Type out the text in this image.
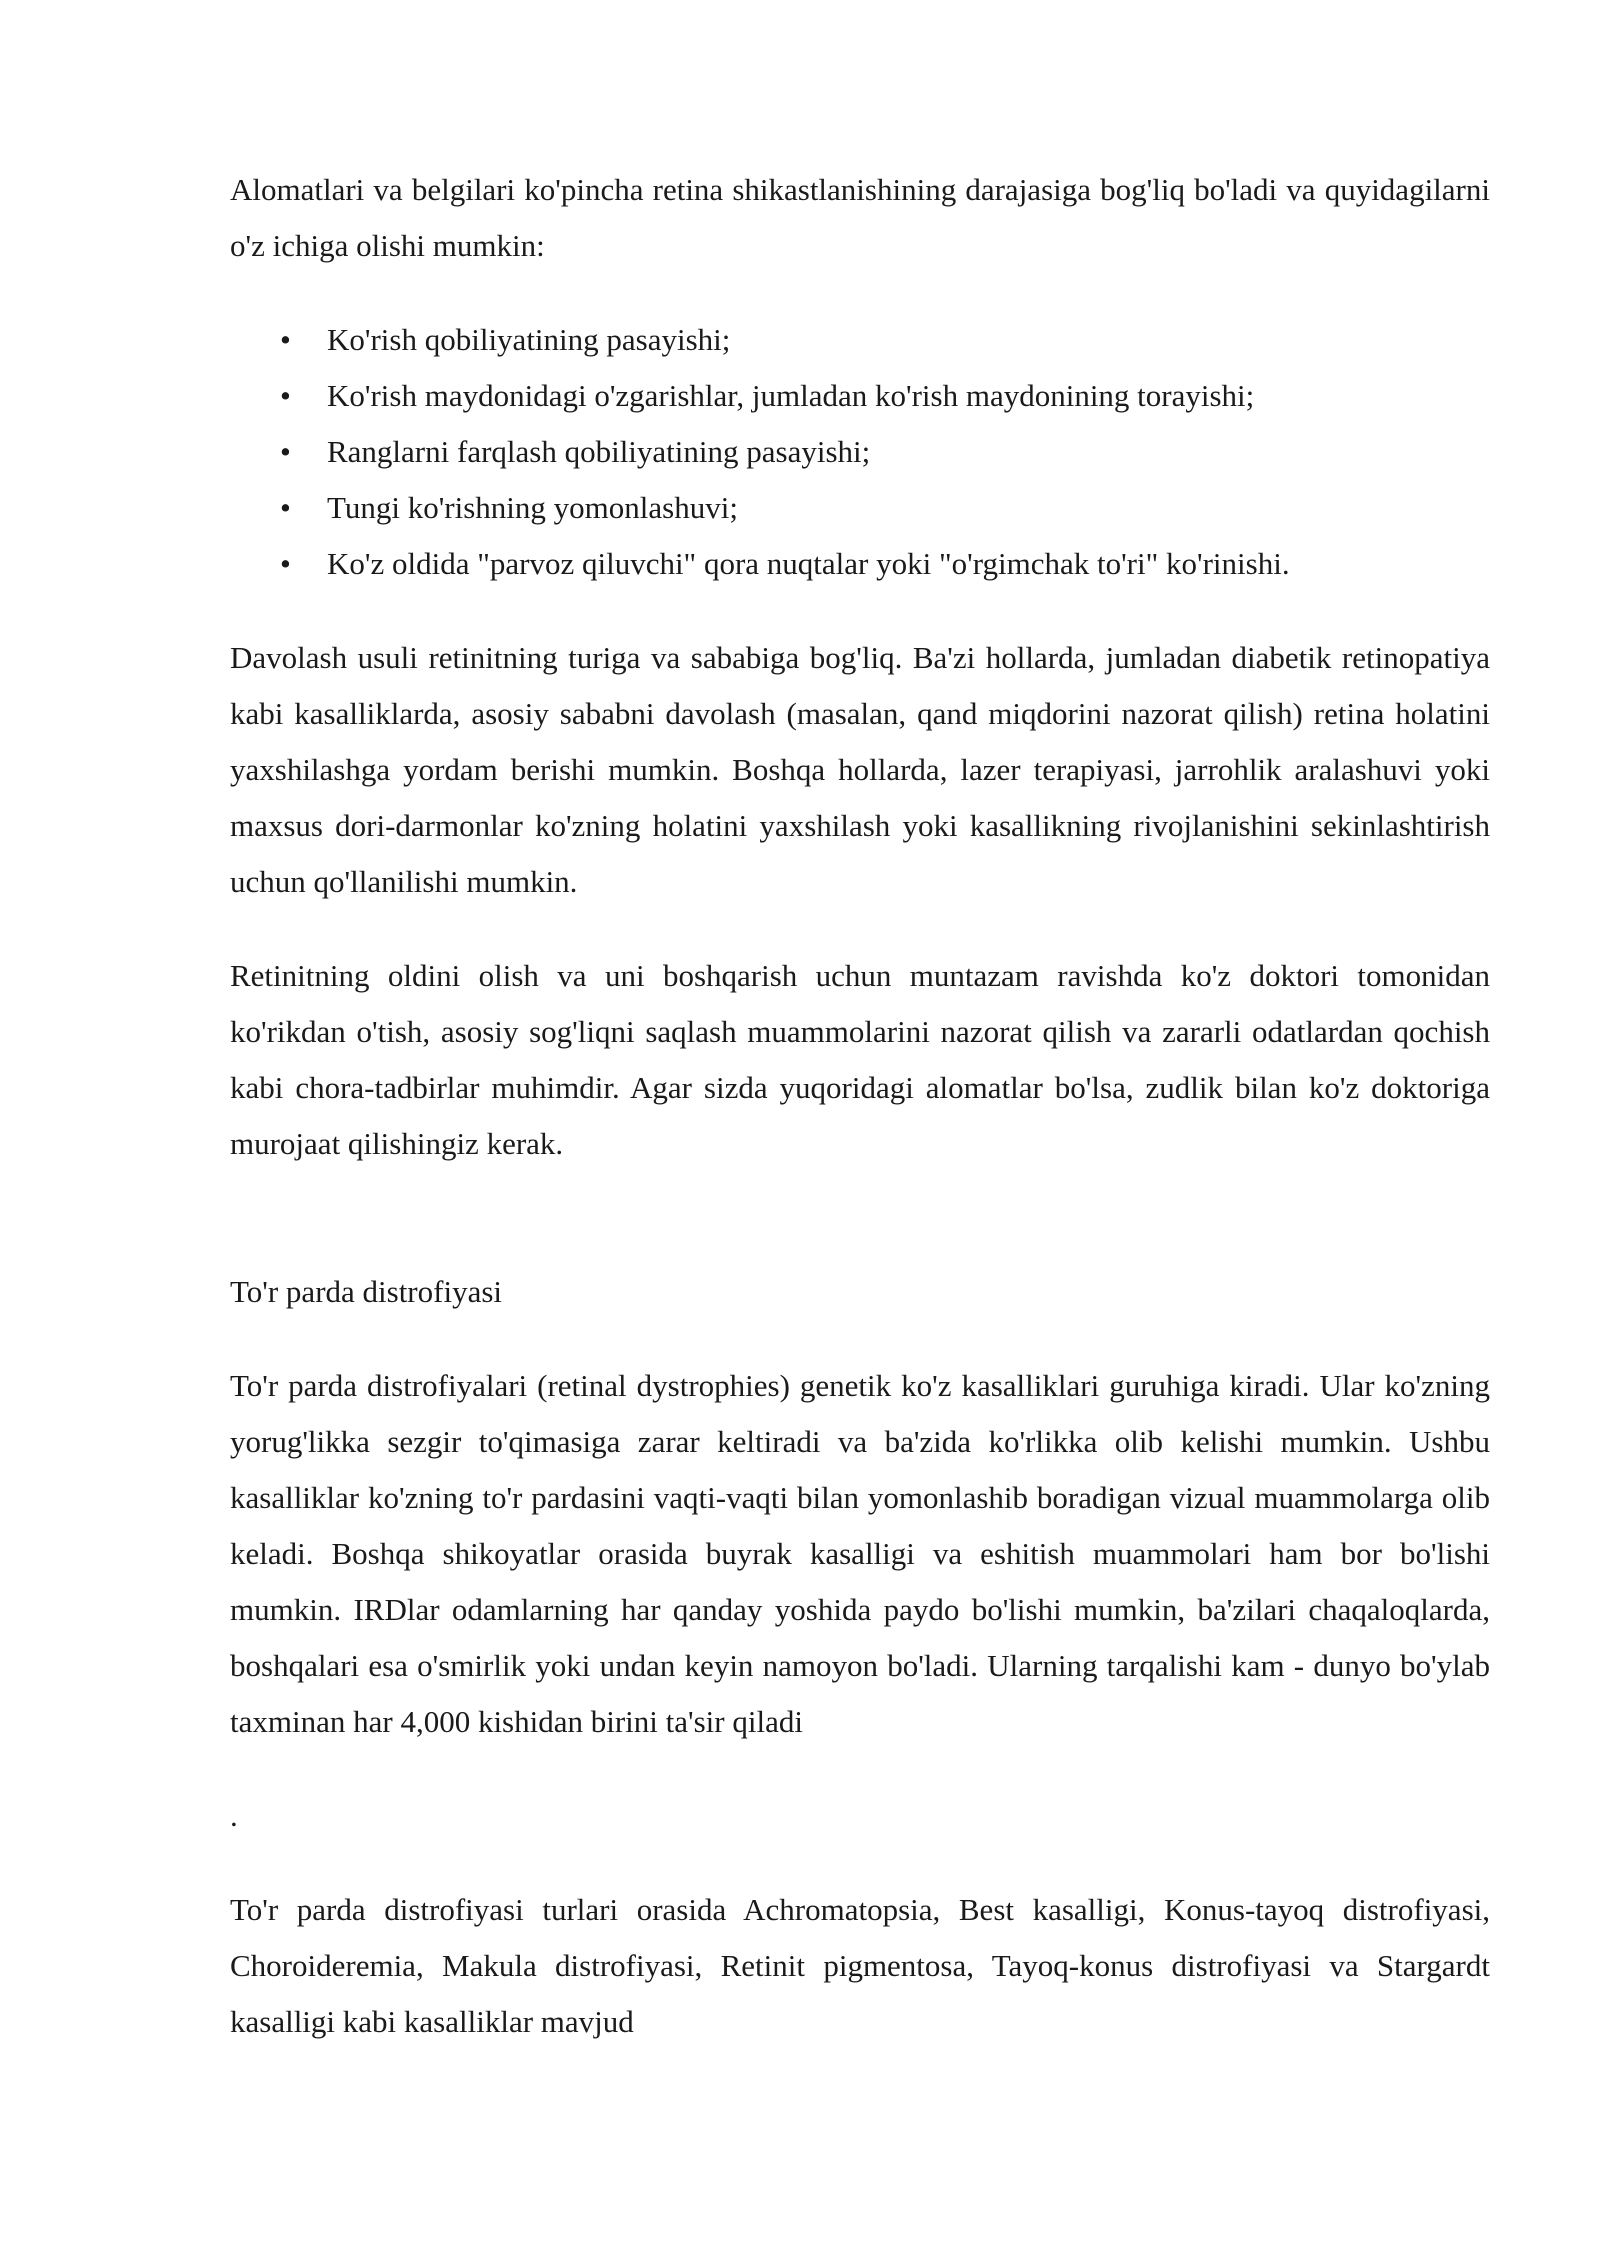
Alomatlari va belgilari ko'pincha retina shikastlanishining darajasiga bog'liq bo'ladi va quyidagilarni o'z ichiga olishi mumkin:

• Ko'rish qobiliyatining pasayishi;
• Ko'rish maydonidagi o'zgarishlar, jumladan ko'rish maydonining torayishi;
• Ranglarni farqlash qobiliyatining pasayishi;
• Tungi ko'rishning yomonlashuvi;
• Ko'z oldida "parvoz qiluvchi" qora nuqtalar yoki "o'rgimchak to'ri" ko'rinishi.

Davolash usuli retinitning turiga va sababiga bog'liq. Ba'zi hollarda, jumladan diabetik retinopatiya kabi kasalliklarda, asosiy sababni davolash (masalan, qand miqdorini nazorat qilish) retina holatini yaxshilashga yordam berishi mumkin. Boshqa hollarda, lazer terapiyasi, jarrohlik aralashuvi yoki maxsus dori-darmonlar ko'zning holatini yaxshilash yoki kasallikning rivojlanishini sekinlashtirish uchun qo'llanilishi mumkin.

Retinitning oldini olish va uni boshqarish uchun muntazam ravishda ko'z doktori tomonidan ko'rikdan o'tish, asosiy sog'liqni saqlash muammolarini nazorat qilish va zararli odatlardan qochish kabi chora-tadbirlar muhimdir. Agar sizda yuqoridagi alomatlar bo'lsa, zudlik bilan ko'z doktoriga murojaat qilishingiz kerak.

To'r parda distrofiyasi

To'r parda distrofiyalari (retinal dystrophies) genetik ko'z kasalliklari guruhiga kiradi. Ular ko'zning yorug'likka sezgir to'qimasiga zarar keltiradi va ba'zida ko'rlikka olib kelishi mumkin. Ushbu kasalliklar ko'zning to'r pardasini vaqti-vaqti bilan yomonlashib boradigan vizual muammolarga olib keladi. Boshqa shikoyatlar orasida buyrak kasalligi va eshitish muammolari ham bor bo'lishi mumkin. IRDlar odamlarning har qanday yoshida paydo bo'lishi mumkin, ba'zilari chaqaloqlarda, boshqalari esa o'smirlik yoki undan keyin namoyon bo'ladi. Ularning tarqalishi kam - dunyo bo'ylab taxminan har 4,000 kishidan birini ta'sir qiladi

.

To'r parda distrofiyasi turlari orasida Achromatopsia, Best kasalligi, Konus-tayoq distrofiyasi, Choroideremia, Makula distrofiyasi, Retinit pigmentosa, Tayoq-konus distrofiyasi va Stargardt kasalligi kabi kasalliklar mavjud
